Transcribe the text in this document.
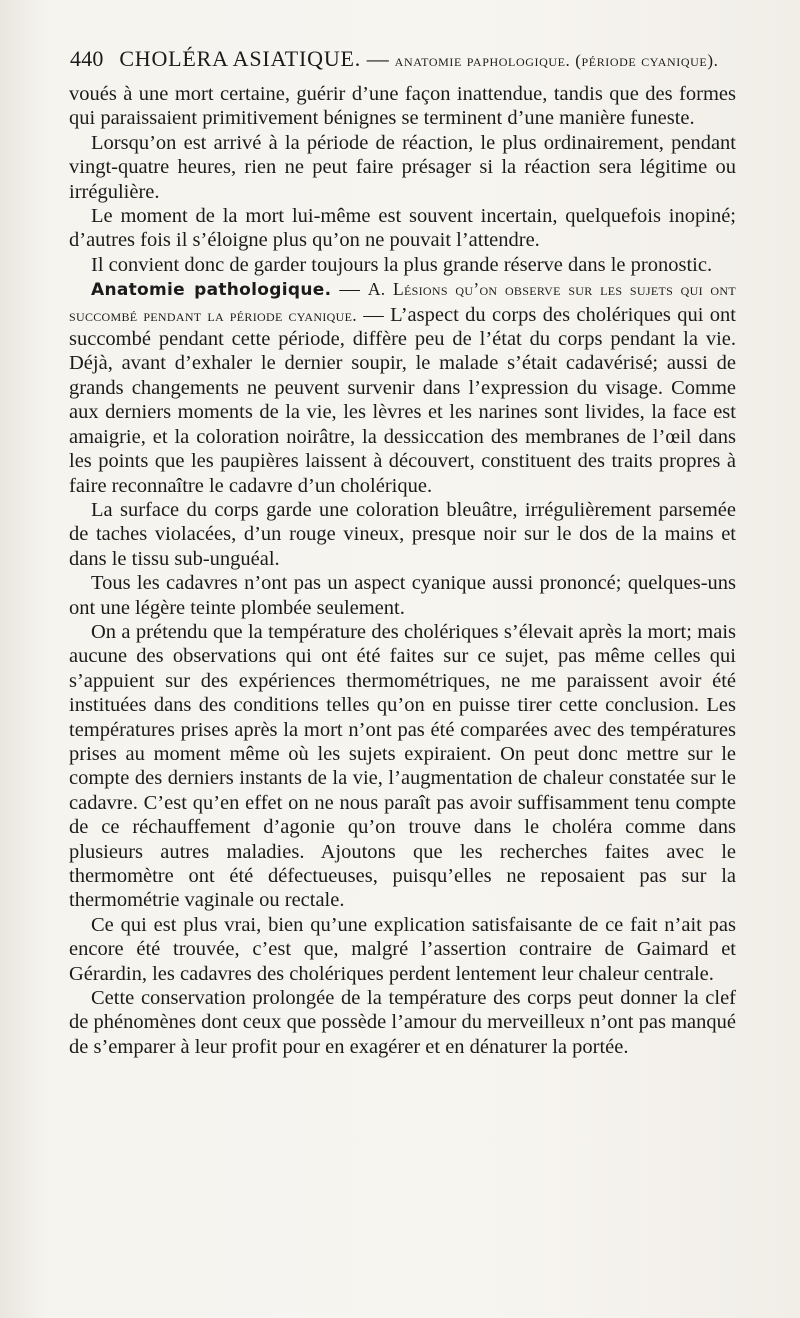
440 CHOLÉRA ASIATIQUE. — anatomie paphologique. (période cyanique).

voués à une mort certaine, guérir d’une façon inattendue, tandis que des formes qui paraissaient primitivement bénignes se terminent d’une manière funeste.

Lorsqu’on est arrivé à la période de réaction, le plus ordinairement, pendant vingt-quatre heures, rien ne peut faire présager si la réaction sera légitime ou irrégulière.

Le moment de la mort lui-même est souvent incertain, quelquefois inopiné; d’autres fois il s’éloigne plus qu’on ne pouvait l’attendre.

Il convient donc de garder toujours la plus grande réserve dans le pronostic.

Anatomie pathologique. — A. Lésions qu’on observe sur les sujets qui ont succombé pendant la période cyanique. — L’aspect du corps des cholériques qui ont succombé pendant cette période, diffère peu de l’état du corps pendant la vie. Déjà, avant d’exhaler le dernier soupir, le malade s’était cadavérisé; aussi de grands changements ne peuvent survenir dans l’expression du visage. Comme aux derniers moments de la vie, les lèvres et les narines sont livides, la face est amaigrie, et la coloration noirâtre, la dessiccation des membranes de l’œil dans les points que les paupières laissent à découvert, constituent des traits propres à faire reconnaître le cadavre d’un cholérique.

La surface du corps garde une coloration bleuâtre, irrégulièrement parsemée de taches violacées, d’un rouge vineux, presque noir sur le dos de la mains et dans le tissu sub-unguéal.

Tous les cadavres n’ont pas un aspect cyanique aussi prononcé; quelques-uns ont une légère teinte plombée seulement.

On a prétendu que la température des cholériques s’élevait après la mort; mais aucune des observations qui ont été faites sur ce sujet, pas même celles qui s’appuient sur des expériences thermométriques, ne me paraissent avoir été instituées dans des conditions telles qu’on en puisse tirer cette conclusion. Les températures prises après la mort n’ont pas été comparées avec des températures prises au moment même où les sujets expiraient. On peut donc mettre sur le compte des derniers instants de la vie, l’augmentation de chaleur constatée sur le cadavre. C’est qu’en effet on ne nous paraît pas avoir suffisamment tenu compte de ce réchauffement d’agonie qu’on trouve dans le choléra comme dans plusieurs autres maladies. Ajoutons que les recherches faites avec le thermomètre ont été défectueuses, puisqu’elles ne reposaient pas sur la thermométrie vaginale ou rectale.

Ce qui est plus vrai, bien qu’une explication satisfaisante de ce fait n’ait pas encore été trouvée, c’est que, malgré l’assertion contraire de Gaimard et Gérardin, les cadavres des cholériques perdent lentement leur chaleur centrale.

Cette conservation prolongée de la température des corps peut donner la clef de phénomènes dont ceux que possède l’amour du merveilleux n’ont pas manqué de s’emparer à leur profit pour en exagérer et en dénaturer la portée.
